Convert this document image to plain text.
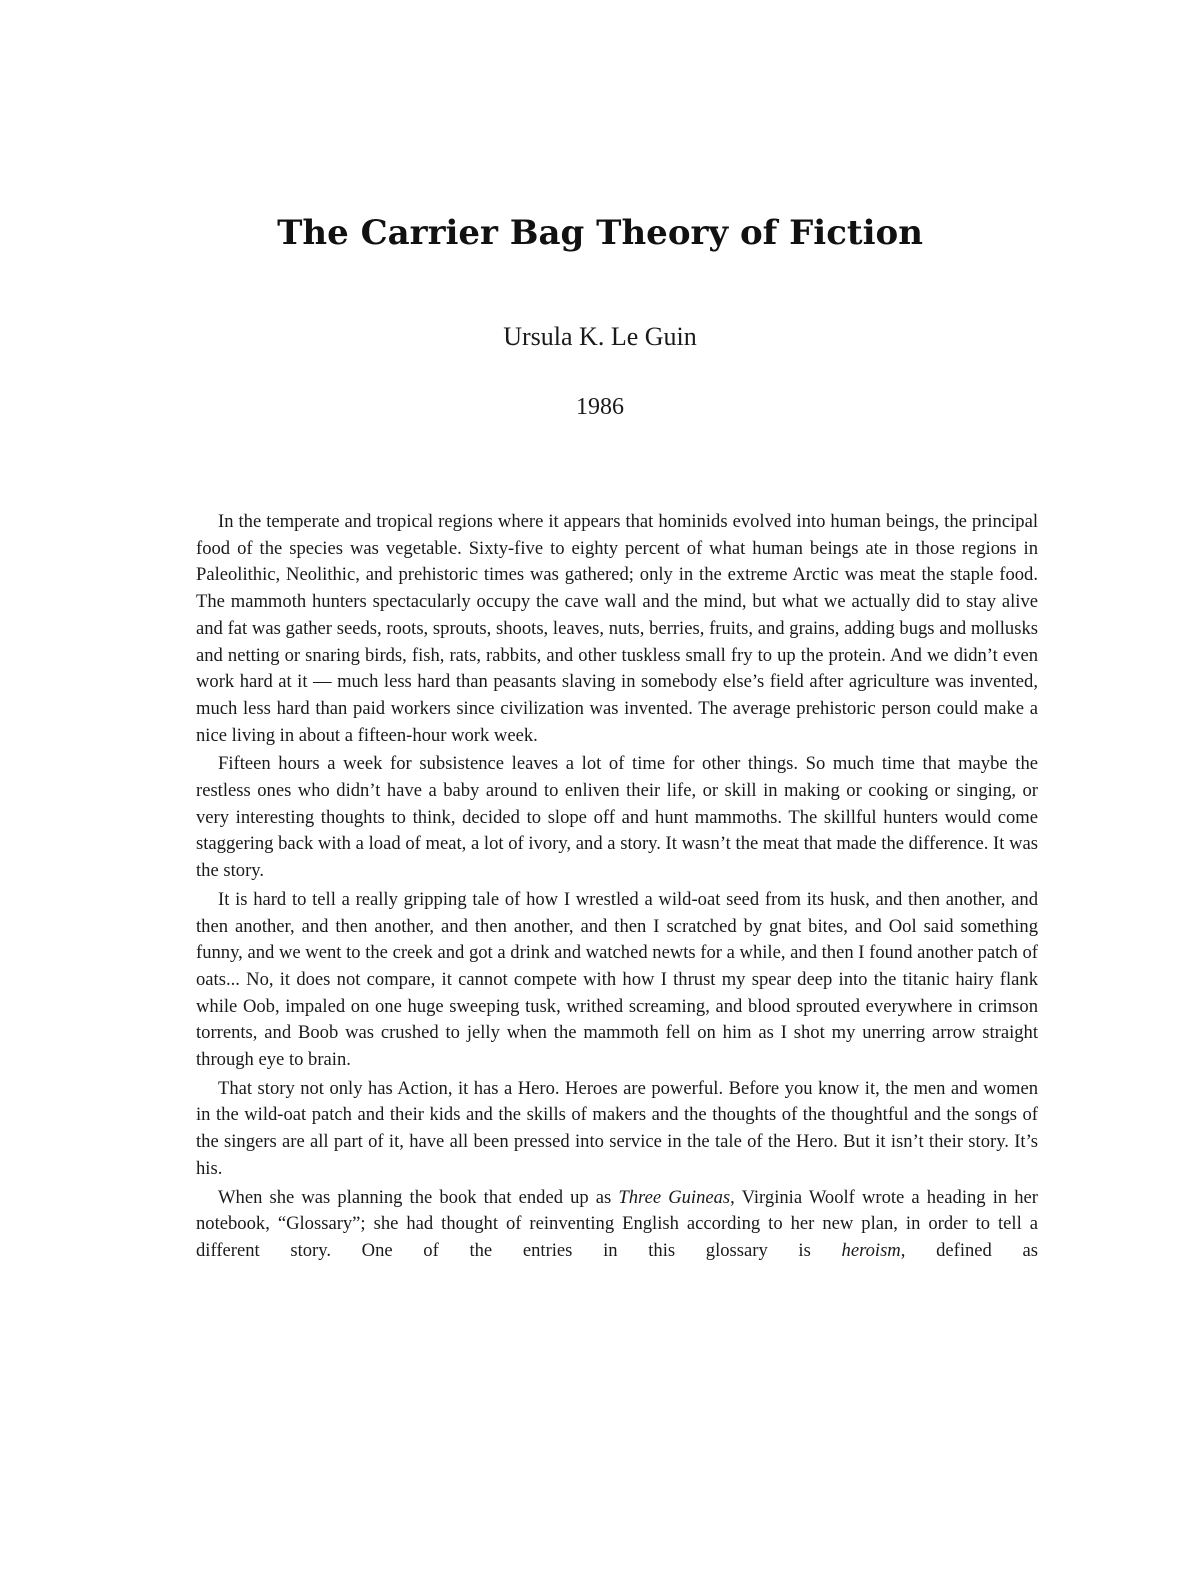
The Carrier Bag Theory of Fiction
Ursula K. Le Guin
1986

In the temperate and tropical regions where it appears that hominids evolved into human beings, the principal food of the species was vegetable. Sixty-five to eighty percent of what human beings ate in those regions in Paleolithic, Neolithic, and prehistoric times was gathered; only in the extreme Arctic was meat the staple food. The mammoth hunters spectacularly occupy the cave wall and the mind, but what we actually did to stay alive and fat was gather seeds, roots, sprouts, shoots, leaves, nuts, berries, fruits, and grains, adding bugs and mollusks and netting or snaring birds, fish, rats, rabbits, and other tuskless small fry to up the protein. And we didn’t even work hard at it — much less hard than peasants slaving in somebody else’s field after agriculture was invented, much less hard than paid workers since civilization was invented. The average prehistoric person could make a nice living in about a fifteen-hour work week.

Fifteen hours a week for subsistence leaves a lot of time for other things. So much time that maybe the restless ones who didn’t have a baby around to enliven their life, or skill in making or cooking or singing, or very interesting thoughts to think, decided to slope off and hunt mammoths. The skillful hunters would come staggering back with a load of meat, a lot of ivory, and a story. It wasn’t the meat that made the difference. It was the story.

It is hard to tell a really gripping tale of how I wrestled a wild-oat seed from its husk, and then another, and then another, and then another, and then another, and then I scratched by gnat bites, and Ool said something funny, and we went to the creek and got a drink and watched newts for a while, and then I found another patch of oats... No, it does not compare, it cannot compete with how I thrust my spear deep into the titanic hairy flank while Oob, impaled on one huge sweeping tusk, writhed screaming, and blood sprouted everywhere in crimson torrents, and Boob was crushed to jelly when the mammoth fell on him as I shot my unerring arrow straight through eye to brain.

That story not only has Action, it has a Hero. Heroes are powerful. Before you know it, the men and women in the wild-oat patch and their kids and the skills of makers and the thoughts of the thoughtful and the songs of the singers are all part of it, have all been pressed into service in the tale of the Hero. But it isn’t their story. It’s his.

When she was planning the book that ended up as Three Guineas, Virginia Woolf wrote a heading in her notebook, “Glossary”; she had thought of reinventing English according to her new plan, in order to tell a different story. One of the entries in this glossary is heroism, defined as
